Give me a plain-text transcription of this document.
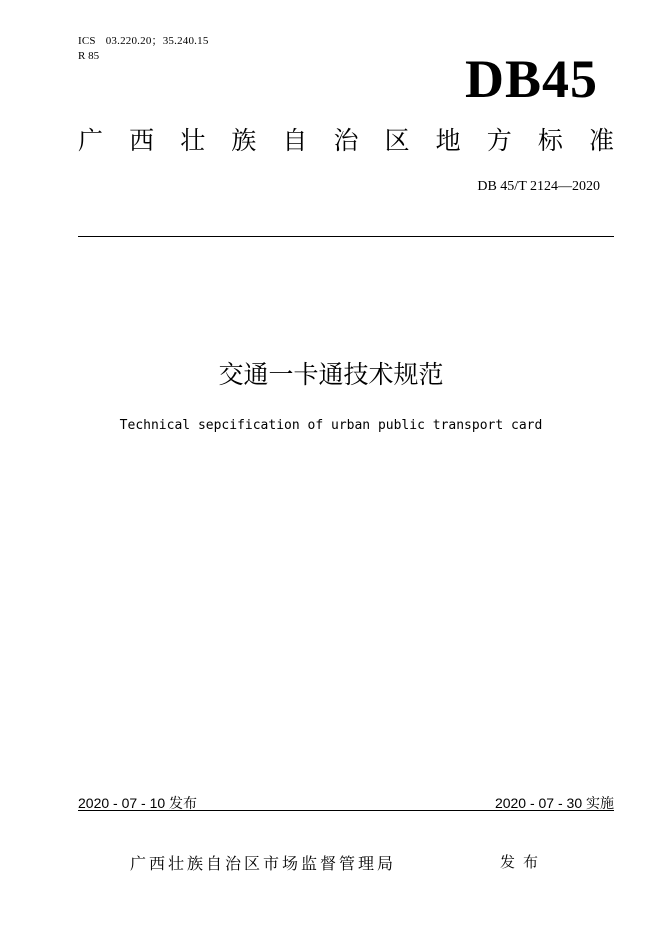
ICS 03.220.20；35.240.15
R 85	DB45
广 西 壮 族 自 治 区 地 方 标 准
DB 45/T 2124—2020
交通一卡通技术规范
Technical sepcification of urban public transport card
2020 - 07 - 10 发布	2020 - 07 - 30 实施
广西壮族自治区市场监督管理局	发布
